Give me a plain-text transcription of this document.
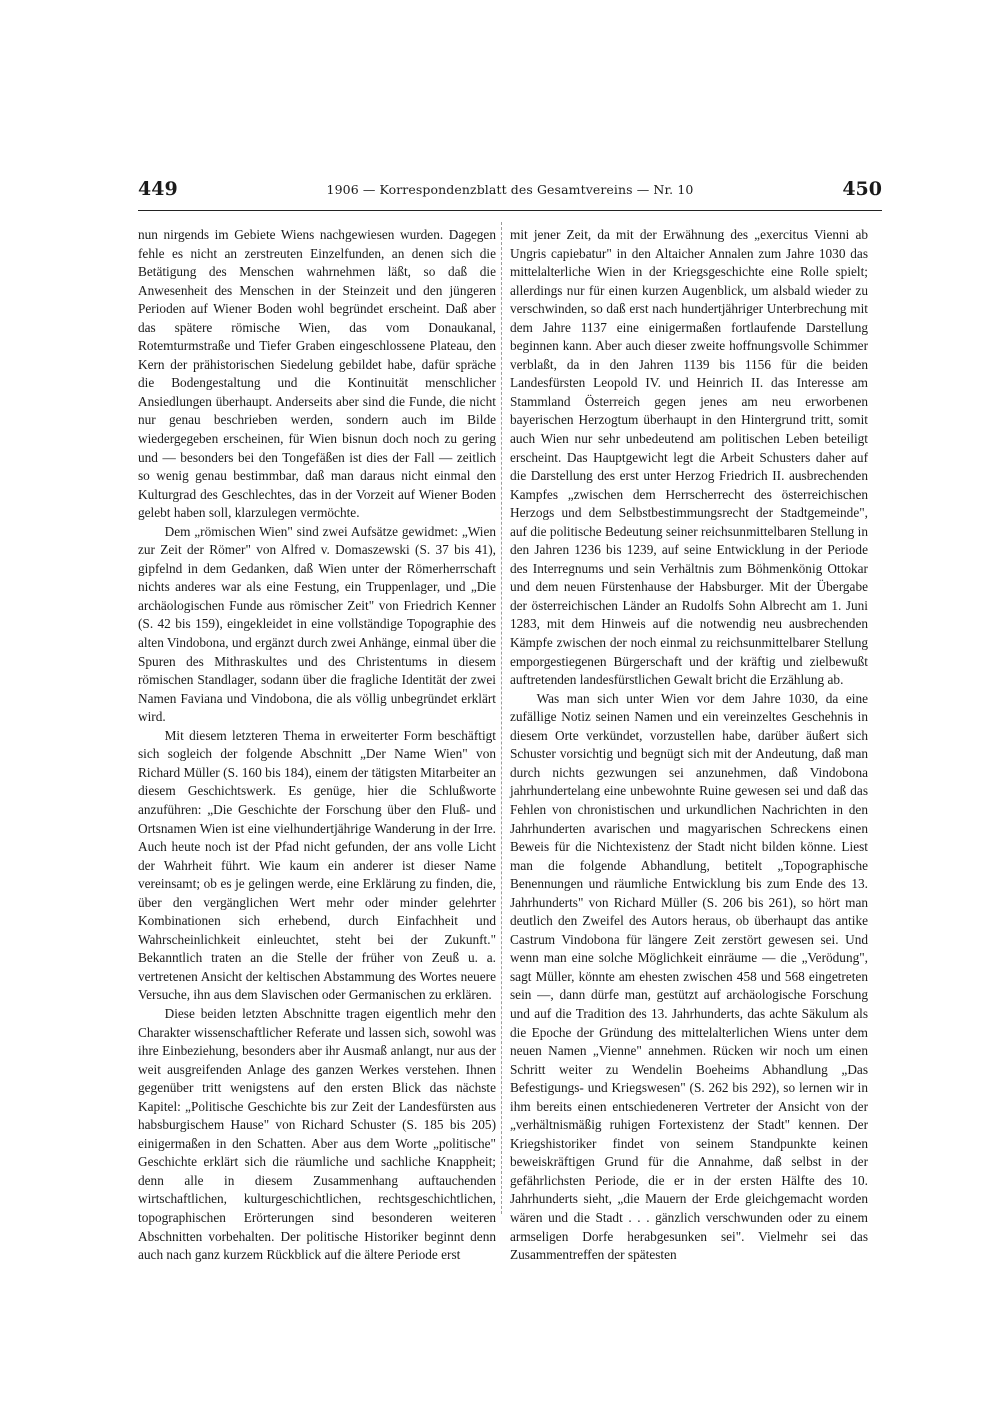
449	1906 — Korrespondenzblatt des Gesamtvereins — Nr. 10	450

nun nirgends im Gebiete Wiens nachgewiesen wurden. Dagegen fehle es nicht an zerstreuten Einzelfunden, an denen sich die Betätigung des Menschen wahrnehmen läßt, so daß die Anwesenheit des Menschen in der Steinzeit und den jüngeren Perioden auf Wiener Boden wohl begründet erscheint. Daß aber das spätere römische Wien, das vom Donaukanal, Rotemturmstraße und Tiefer Graben eingeschlossene Plateau, den Kern der prähistorischen Siedelung gebildet habe, dafür spräche die Bodengestaltung und die Kontinuität menschlicher Ansiedlungen überhaupt. Anderseits aber sind die Funde, die nicht nur genau beschrieben werden, sondern auch im Bilde wiedergegeben erscheinen, für Wien bisnun doch noch zu gering und — besonders bei den Tongefäßen ist dies der Fall — zeitlich so wenig genau bestimmbar, daß man daraus nicht einmal den Kulturgrad des Geschlechtes, das in der Vorzeit auf Wiener Boden gelebt haben soll, klarzulegen vermöchte.

Dem „römischen Wien" sind zwei Aufsätze gewidmet: „Wien zur Zeit der Römer" von Alfred v. Domaszewski (S. 37 bis 41), gipfelnd in dem Gedanken, daß Wien unter der Römerherrschaft nichts anderes war als eine Festung, ein Truppenlager, und „Die archäologischen Funde aus römischer Zeit" von Friedrich Kenner (S. 42 bis 159), eingekleidet in eine vollständige Topographie des alten Vindobona, und ergänzt durch zwei Anhänge, einmal über die Spuren des Mithraskultes und des Christentums in diesem römischen Standlager, sodann über die fragliche Identität der zwei Namen Faviana und Vindobona, die als völlig unbegründet erklärt wird.

Mit diesem letzteren Thema in erweiterter Form beschäftigt sich sogleich der folgende Abschnitt „Der Name Wien" von Richard Müller (S. 160 bis 184), einem der tätigsten Mitarbeiter an diesem Geschichtswerk. Es genüge, hier die Schlußworte anzuführen: „Die Geschichte der Forschung über den Fluß- und Ortsnamen Wien ist eine vielhundertjährige Wanderung in der Irre. Auch heute noch ist der Pfad nicht gefunden, der ans volle Licht der Wahrheit führt. Wie kaum ein anderer ist dieser Name vereinsamt; ob es je gelingen werde, eine Erklärung zu finden, die, über den vergänglichen Wert mehr oder minder gelehrter Kombinationen sich erhebend, durch Einfachheit und Wahrscheinlichkeit einleuchtet, steht bei der Zukunft." Bekanntlich traten an die Stelle der früher von Zeuß u. a. vertretenen Ansicht der keltischen Abstammung des Wortes neuere Versuche, ihn aus dem Slavischen oder Germanischen zu erklären.

Diese beiden letzten Abschnitte tragen eigentlich mehr den Charakter wissenschaftlicher Referate und lassen sich, sowohl was ihre Einbeziehung, besonders aber ihr Ausmaß anlangt, nur aus der weit ausgreifenden Anlage des ganzen Werkes verstehen. Ihnen gegenüber tritt wenigstens auf den ersten Blick das nächste Kapitel: „Politische Geschichte bis zur Zeit der Landesfürsten aus habsburgischem Hause" von Richard Schuster (S. 185 bis 205) einigermaßen in den Schatten. Aber aus dem Worte „politische" Geschichte erklärt sich die räumliche und sachliche Knappheit; denn alle in diesem Zusammenhang auftauchenden wirtschaftlichen, kulturgeschichtlichen, rechtsgeschichtlichen, topographischen Erörterungen sind besonderen weiteren Abschnitten vorbehalten. Der politische Historiker beginnt denn auch nach ganz kurzem Rückblick auf die ältere Periode erst

mit jener Zeit, da mit der Erwähnung des „exercitus Vienni ab Ungris capiebatur" in den Altaicher Annalen zum Jahre 1030 das mittelalterliche Wien in der Kriegsgeschichte eine Rolle spielt; allerdings nur für einen kurzen Augenblick, um alsbald wieder zu verschwinden, so daß erst nach hundertjähriger Unterbrechung mit dem Jahre 1137 eine einigermaßen fortlaufende Darstellung beginnen kann. Aber auch dieser zweite hoffnungsvolle Schimmer verblaßt, da in den Jahren 1139 bis 1156 für die beiden Landesfürsten Leopold IV. und Heinrich II. das Interesse am Stammland Österreich gegen jenes am neu erworbenen bayerischen Herzogtum überhaupt in den Hintergrund tritt, somit auch Wien nur sehr unbedeutend am politischen Leben beteiligt erscheint. Das Hauptgewicht legt die Arbeit Schusters daher auf die Darstellung des erst unter Herzog Friedrich II. ausbrechenden Kampfes „zwischen dem Herrscherrecht des österreichischen Herzogs und dem Selbstbestimmungsrecht der Stadtgemeinde", auf die politische Bedeutung seiner reichsunmittelbaren Stellung in den Jahren 1236 bis 1239, auf seine Entwicklung in der Periode des Interregnums und sein Verhältnis zum Böhmenkönig Ottokar und dem neuen Fürstenhause der Habsburger. Mit der Übergabe der österreichischen Länder an Rudolfs Sohn Albrecht am 1. Juni 1283, mit dem Hinweis auf die notwendig neu ausbrechenden Kämpfe zwischen der noch einmal zu reichsunmittelbarer Stellung emporgestiegenen Bürgerschaft und der kräftig und zielbewußt auftretenden landesfürstlichen Gewalt bricht die Erzählung ab.

Was man sich unter Wien vor dem Jahre 1030, da eine zufällige Notiz seinen Namen und ein vereinzeltes Geschehnis in diesem Orte verkündet, vorzustellen habe, darüber äußert sich Schuster vorsichtig und begnügt sich mit der Andeutung, daß man durch nichts gezwungen sei anzunehmen, daß Vindobona jahrhundertelang eine unbewohnte Ruine gewesen sei und daß das Fehlen von chronistischen und urkundlichen Nachrichten in den Jahrhunderten avarischen und magyarischen Schreckens einen Beweis für die Nichtexistenz der Stadt nicht bilden könne. Liest man die folgende Abhandlung, betitelt „Topographische Benennungen und räumliche Entwicklung bis zum Ende des 13. Jahrhunderts" von Richard Müller (S. 206 bis 261), so hört man deutlich den Zweifel des Autors heraus, ob überhaupt das antike Castrum Vindobona für längere Zeit zerstört gewesen sei. Und wenn man eine solche Möglichkeit einräume — die „Verödung", sagt Müller, könnte am ehesten zwischen 458 und 568 eingetreten sein —, dann dürfe man, gestützt auf archäologische Forschung und auf die Tradition des 13. Jahrhunderts, das achte Säkulum als die Epoche der Gründung des mittelalterlichen Wiens unter dem neuen Namen „Vienne" annehmen. Rücken wir noch um einen Schritt weiter zu Wendelin Boeheims Abhandlung „Das Befestigungs- und Kriegswesen" (S. 262 bis 292), so lernen wir in ihm bereits einen entschiedeneren Vertreter der Ansicht von der „verhältnismäßig ruhigen Fortexistenz der Stadt" kennen. Der Kriegshistoriker findet von seinem Standpunkte keinen beweiskräftigen Grund für die Annahme, daß selbst in der gefährlichsten Periode, die er in der ersten Hälfte des 10. Jahrhunderts sieht, „die Mauern der Erde gleichgemacht worden wären und die Stadt . . . gänzlich verschwunden oder zu einem armseligen Dorfe herabgesunken sei". Vielmehr sei das Zusammentreffen der spätesten
